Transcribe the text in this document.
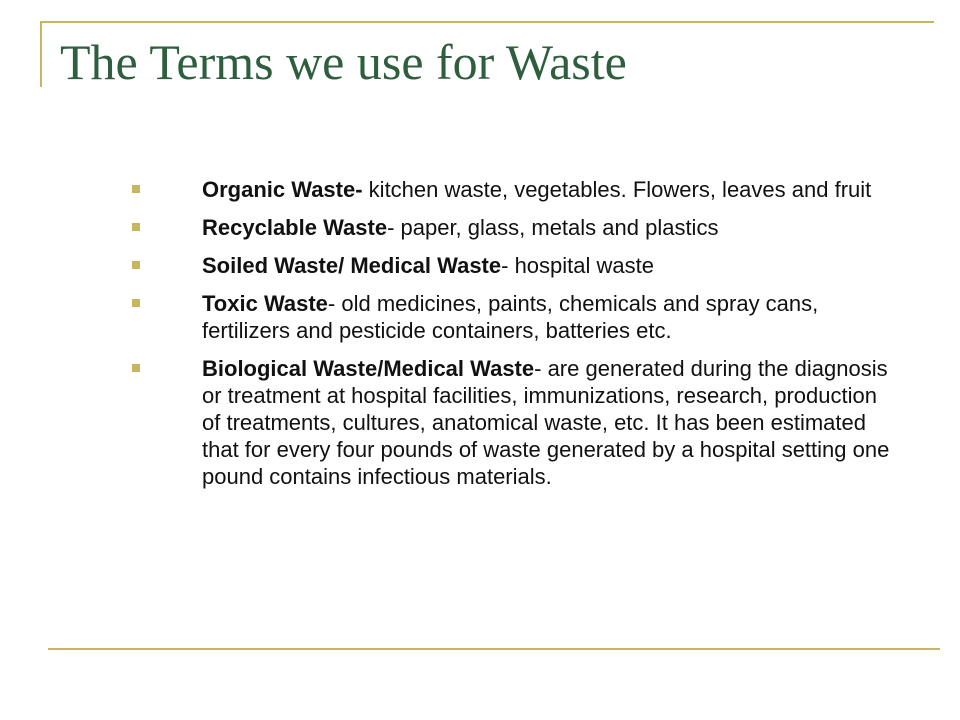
The Terms we use for Waste
Organic Waste- kitchen waste, vegetables. Flowers, leaves and fruit
Recyclable Waste- paper, glass, metals and plastics
Soiled Waste/ Medical Waste- hospital waste
Toxic Waste- old medicines, paints, chemicals and spray cans, fertilizers and pesticide containers, batteries etc.
Biological Waste/Medical Waste- are generated during the diagnosis or treatment at hospital facilities, immunizations, research, production of treatments, cultures, anatomical waste, etc. It has been estimated that for every four pounds of waste generated by a hospital setting one pound contains infectious materials.
